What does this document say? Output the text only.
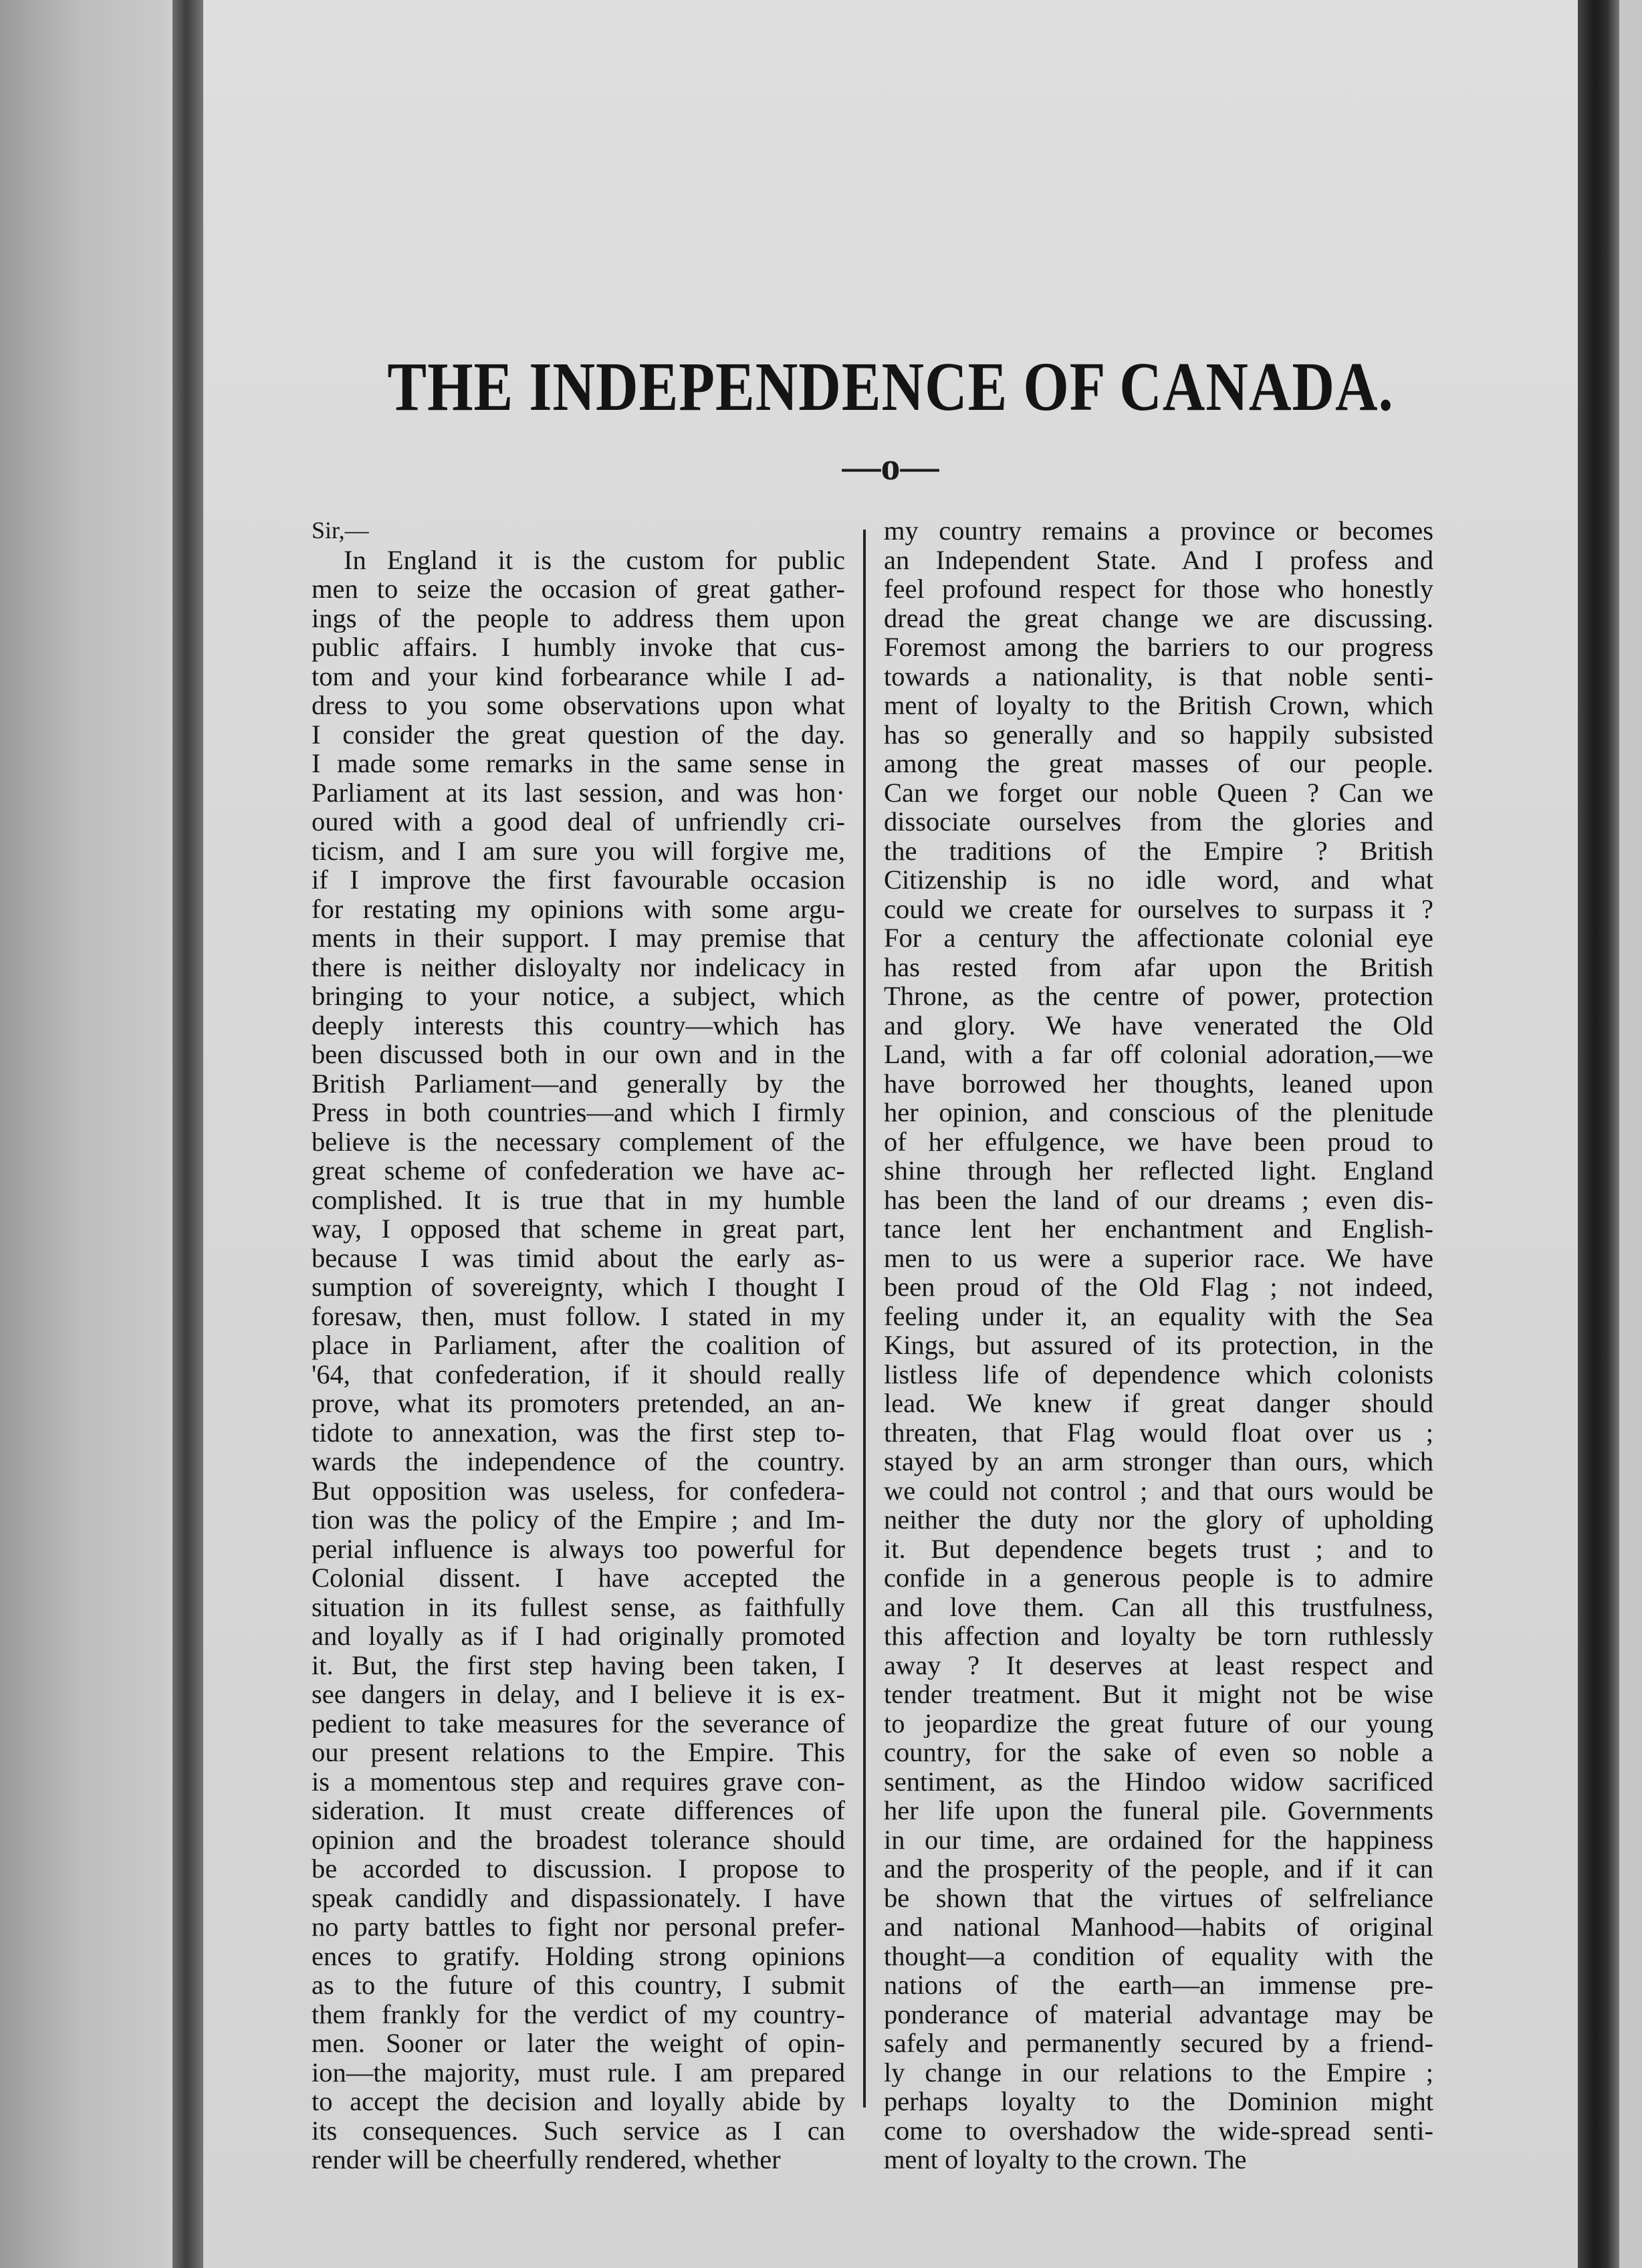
THE INDEPENDENCE OF CANADA.
—o—
Sir,—
In England it is the custom for public
men to seize the occasion of great gather-
ings of the people to address them upon
public affairs. I humbly invoke that cus-
tom and your kind forbearance while I ad-
dress to you some observations upon what
I consider the great question of the day.
I made some remarks in the same sense in
Parliament at its last session, and was hon·
oured with a good deal of unfriendly cri-
ticism, and I am sure you will forgive me,
if I improve the first favourable occasion
for restating my opinions with some argu-
ments in their support. I may premise that
there is neither disloyalty nor indelicacy in
bringing to your notice, a subject, which
deeply interests this country—which has
been discussed both in our own and in the
British Parliament—and generally by the
Press in both countries—and which I firmly
believe is the necessary complement of the
great scheme of confederation we have ac-
complished. It is true that in my humble
way, I opposed that scheme in great part,
because I was timid about the early as-
sumption of sovereignty, which I thought I
foresaw, then, must follow. I stated in my
place in Parliament, after the coalition of
'64, that confederation, if it should really
prove, what its promoters pretended, an an-
tidote to annexation, was the first step to-
wards the independence of the country.
But opposition was useless, for confedera-
tion was the policy of the Empire ; and Im-
perial influence is always too powerful for
Colonial dissent. I have accepted the
situation in its fullest sense, as faithfully
and loyally as if I had originally promoted
it. But, the first step having been taken, I
see dangers in delay, and I believe it is ex-
pedient to take measures for the severance of
our present relations to the Empire. This
is a momentous step and requires grave con-
sideration. It must create differences of
opinion and the broadest tolerance should
be accorded to discussion. I propose to
speak candidly and dispassionately. I have
no party battles to fight nor personal prefer-
ences to gratify. Holding strong opinions
as to the future of this country, I submit
them frankly for the verdict of my country-
men. Sooner or later the weight of opin-
ion—the majority, must rule. I am prepared
to accept the decision and loyally abide by
its consequences. Such service as I can
render will be cheerfully rendered, whether
my country remains a province or becomes
an Independent State. And I profess and
feel profound respect for those who honestly
dread the great change we are discussing.
Foremost among the barriers to our progress
towards a nationality, is that noble senti-
ment of loyalty to the British Crown, which
has so generally and so happily subsisted
among the great masses of our people.
Can we forget our noble Queen ? Can we
dissociate ourselves from the glories and
the traditions of the Empire ? British
Citizenship is no idle word, and what
could we create for ourselves to surpass it ?
For a century the affectionate colonial eye
has rested from afar upon the British
Throne, as the centre of power, protection
and glory. We have venerated the Old
Land, with a far off colonial adoration,—we
have borrowed her thoughts, leaned upon
her opinion, and conscious of the plenitude
of her effulgence, we have been proud to
shine through her reflected light. England
has been the land of our dreams ; even dis-
tance lent her enchantment and English-
men to us were a superior race. We have
been proud of the Old Flag ; not indeed,
feeling under it, an equality with the Sea
Kings, but assured of its protection, in the
listless life of dependence which colonists
lead. We knew if great danger should
threaten, that Flag would float over us ;
stayed by an arm stronger than ours, which
we could not control ; and that ours would be
neither the duty nor the glory of upholding
it. But dependence begets trust ; and to
confide in a generous people is to admire
and love them. Can all this trustfulness,
this affection and loyalty be torn ruthlessly
away ? It deserves at least respect and
tender treatment. But it might not be wise
to jeopardize the great future of our young
country, for the sake of even so noble a
sentiment, as the Hindoo widow sacrificed
her life upon the funeral pile. Governments
in our time, are ordained for the happiness
and the prosperity of the people, and if it can
be shown that the virtues of selfreliance
and national Manhood—habits of original
thought—a condition of equality with the
nations of the earth—an immense pre-
ponderance of material advantage may be
safely and permanently secured by a friend-
ly change in our relations to the Empire ;
perhaps loyalty to the Dominion might
come to overshadow the wide-spread senti-
ment of loyalty to the crown. The
